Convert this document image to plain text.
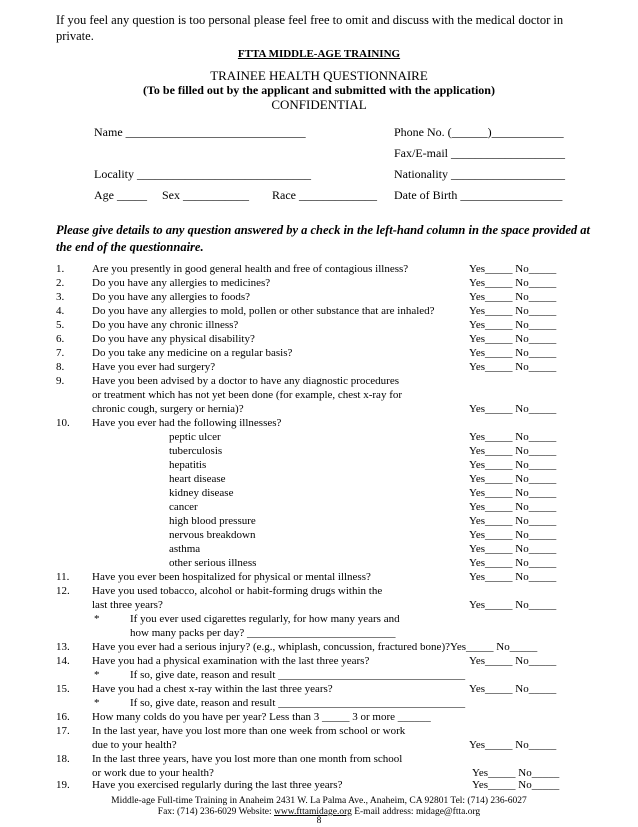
If you feel any question is too personal please feel free to omit and discuss with the medical doctor in private.
FTTA MIDDLE-AGE TRAINING
TRAINEE HEALTH QUESTIONNAIRE
(To be filled out by the applicant and submitted with the application)
CONFIDENTIAL
Name ______________________________	Phone No. (______)____________
Fax/E-mail ___________________
Locality _____________________________	Nationality ___________________
Age _____ Sex ___________ Race _____________ Date of Birth _________________
Please give details to any question answered by a check in the left-hand column in the space provided at the end of the questionnaire.
1.	Are you presently in good general health and free of contagious illness?	Yes_____ No_____
2.	Do you have any allergies to medicines?	Yes_____ No_____
3.	Do you have any allergies to foods?	Yes_____ No_____
4.	Do you have any allergies to mold, pollen or other substance that are inhaled?	Yes_____ No_____
5.	Do you have any chronic illness?	Yes_____ No_____
6.	Do you have any physical disability?	Yes_____ No_____
7.	Do you take any medicine on a regular basis?	Yes_____ No_____
8.	Have you ever had surgery?	Yes_____ No_____
9.	Have you been advised by a doctor to have any diagnostic procedures
or treatment which has not yet been done (for example, chest x-ray for
chronic cough, surgery or hernia)?	Yes_____ No_____
10. Have you ever had the following illnesses?
peptic ulcer	Yes_____ No_____
tuberculosis	Yes_____ No_____
hepatitis	Yes_____ No_____
heart disease	Yes_____ No_____
kidney disease	Yes_____ No_____
cancer	Yes_____ No_____
high blood pressure	Yes_____ No_____
nervous breakdown	Yes_____ No_____
asthma	Yes_____ No_____
other serious illness	Yes_____ No_____
11. Have you ever been hospitalized for physical or mental illness?	Yes_____ No_____
12. Have you used tobacco, alcohol or habit-forming drugs within the
last three years?	Yes_____ No_____
*	If you ever used cigarettes regularly, for how many years and
how many packs per day? ___________________________
13. Have you ever had a serious injury? (e.g., whiplash, concussion, fractured bone)?Yes_____ No_____
14. Have you had a physical examination with the last three years?	Yes_____ No_____
*	If so, give date, reason and result __________________________________
15. Have you had a chest x-ray within the last three years?	Yes_____ No_____
*	If so, give date, reason and result __________________________________
16. How many colds do you have per year? Less than 3 _____ 3 or more ______
17. In the last year, have you lost more than one week from school or work
due to your health?	Yes_____ No_____
18. In the last three years, have you lost more than one month from school
or work due to your health?	Yes_____ No_____
19. Have you exercised regularly during the last three years?	Yes_____ No_____
Middle-age Full-time Training in Anaheim 2431 W. La Palma Ave., Anaheim, CA 92801 Tel: (714) 236-6027
Fax: (714) 236-6029 Website: www.fttamidage.org E-mail address: midage@ftta.org
8
